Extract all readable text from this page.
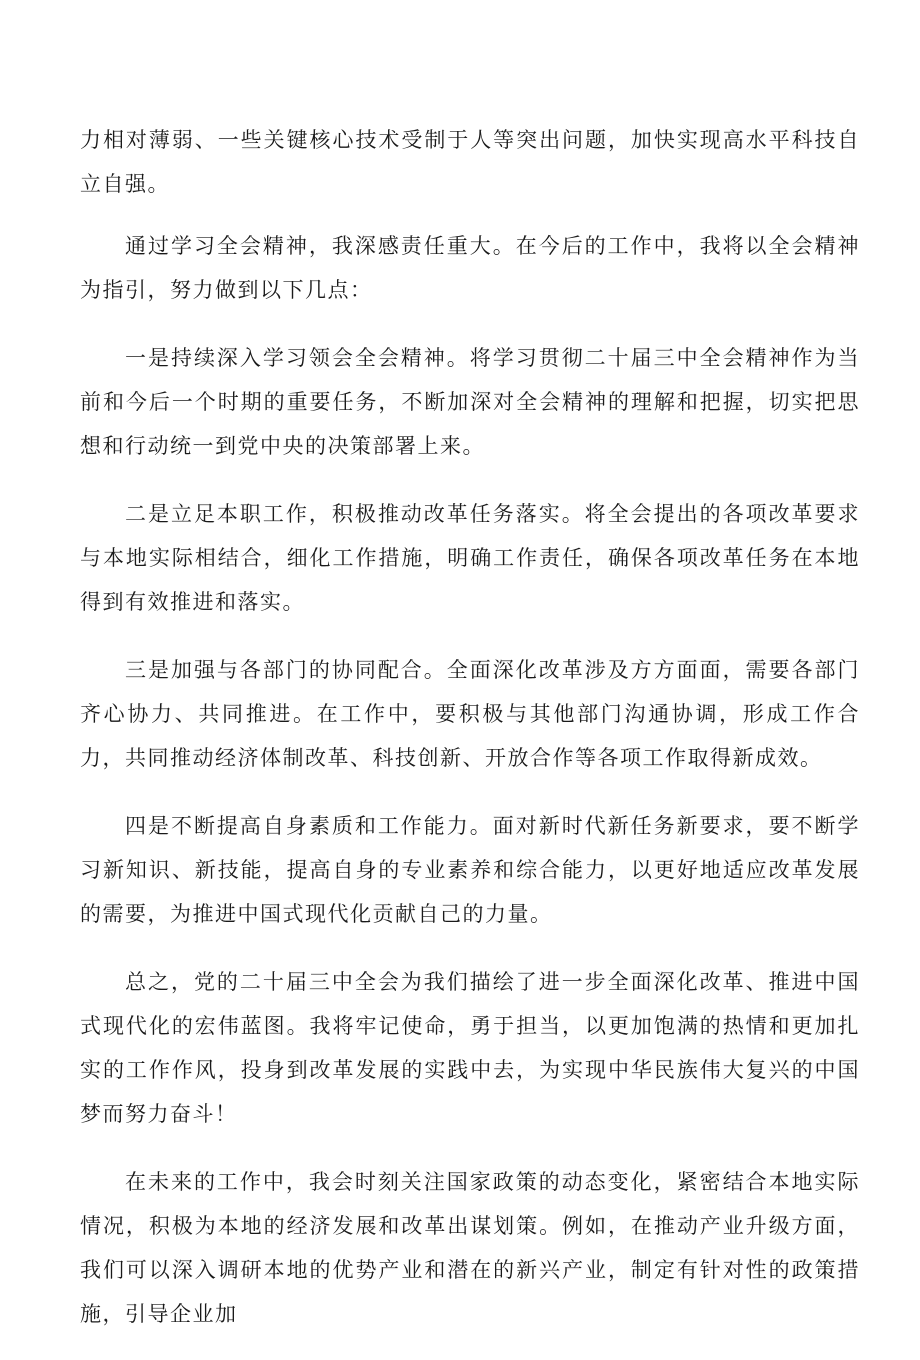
力相对薄弱、一些关键核心技术受制于人等突出问题，加快实现高水平科技自立自强。

通过学习全会精神，我深感责任重大。在今后的工作中，我将以全会精神为指引，努力做到以下几点：

一是持续深入学习领会全会精神。将学习贯彻二十届三中全会精神作为当前和今后一个时期的重要任务，不断加深对全会精神的理解和把握，切实把思想和行动统一到党中央的决策部署上来。

二是立足本职工作，积极推动改革任务落实。将全会提出的各项改革要求与本地实际相结合，细化工作措施，明确工作责任，确保各项改革任务在本地得到有效推进和落实。

三是加强与各部门的协同配合。全面深化改革涉及方方面面，需要各部门齐心协力、共同推进。在工作中，要积极与其他部门沟通协调，形成工作合力，共同推动经济体制改革、科技创新、开放合作等各项工作取得新成效。

四是不断提高自身素质和工作能力。面对新时代新任务新要求，要不断学习新知识、新技能，提高自身的专业素养和综合能力，以更好地适应改革发展的需要，为推进中国式现代化贡献自己的力量。

总之，党的二十届三中全会为我们描绘了进一步全面深化改革、推进中国式现代化的宏伟蓝图。我将牢记使命，勇于担当，以更加饱满的热情和更加扎实的工作作风，投身到改革发展的实践中去，为实现中华民族伟大复兴的中国梦而努力奋斗！

在未来的工作中，我会时刻关注国家政策的动态变化，紧密结合本地实际情况，积极为本地的经济发展和改革出谋划策。例如，在推动产业升级方面，我们可以深入调研本地的优势产业和潜在的新兴产业，制定有针对性的政策措施，引导企业加
